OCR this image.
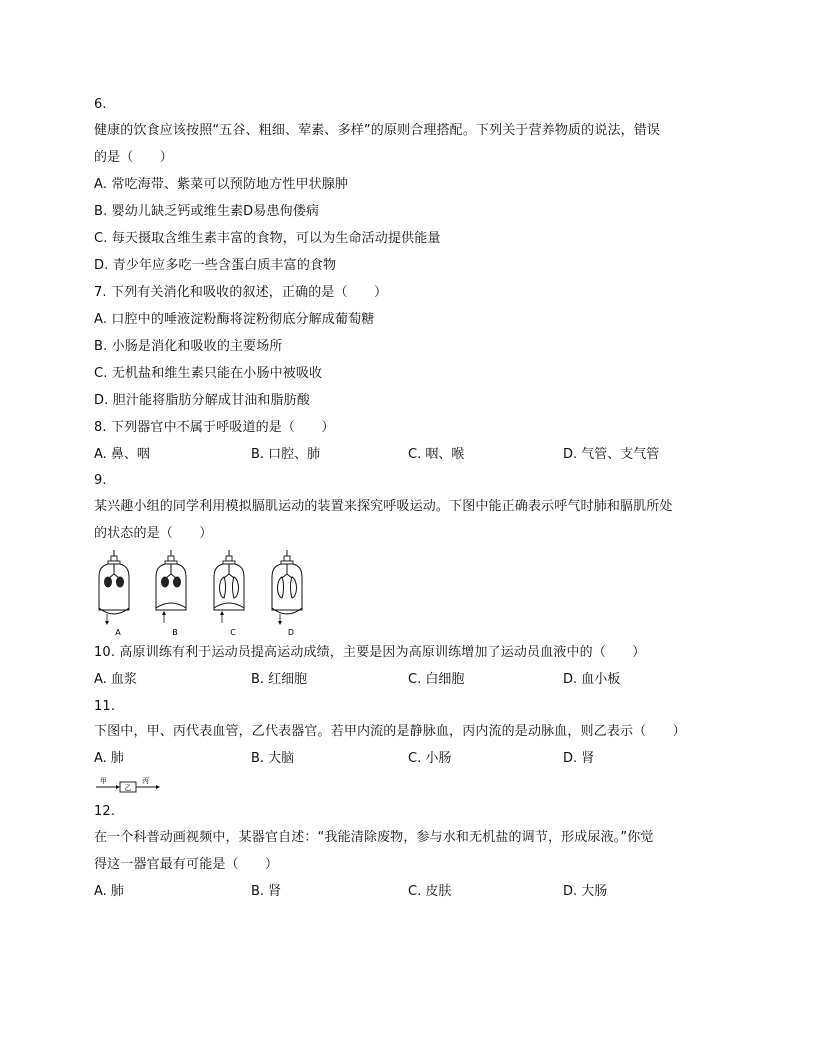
6.
健康的饮食应该按照“五谷、粗细、荤素、多样”的原则合理搭配。下列关于营养物质的说法，错误
的是（　　）
A. 常吃海带、紫菜可以预防地方性甲状腺肿
B. 婴幼儿缺乏钙或维生素D易患佝偻病
C. 每天摄取含维生素丰富的食物，可以为生命活动提供能量
D. 青少年应多吃一些含蛋白质丰富的食物
7. 下列有关消化和吸收的叙述，正确的是（　　）
A. 口腔中的唾液淀粉酶将淀粉彻底分解成葡萄糖
B. 小肠是消化和吸收的主要场所
C. 无机盐和维生素只能在小肠中被吸收
D. 胆汁能将脂肪分解成甘油和脂肪酸
8. 下列器官中不属于呼吸道的是（　　）
A. 鼻、咽	B. 口腔、肺	C. 咽、喉	D. 气管、支气管
9.
某兴趣小组的同学利用模拟膈肌运动的装置来探究呼吸运动。下图中能正确表示呼气时肺和膈肌所处
的状态的是（　　）
A	B	C	D
10. 高原训练有利于运动员提高运动成绩，主要是因为高原训练增加了运动员血液中的（　　）
A. 血浆	B. 红细胞	C. 白细胞	D. 血小板
11.
下图中，甲、丙代表血管，乙代表器官。若甲内流的是静脉血，丙内流的是动脉血，则乙表示（　　）
A. 肺	B. 大脑	C. 小肠	D. 肾
甲
乙
丙
12.
在一个科普动画视频中，某器官自述：“我能清除废物，参与水和无机盐的调节，形成尿液。”你觉
得这一器官最有可能是（　　）
A. 肺	B. 肾	C. 皮肤	D. 大肠
